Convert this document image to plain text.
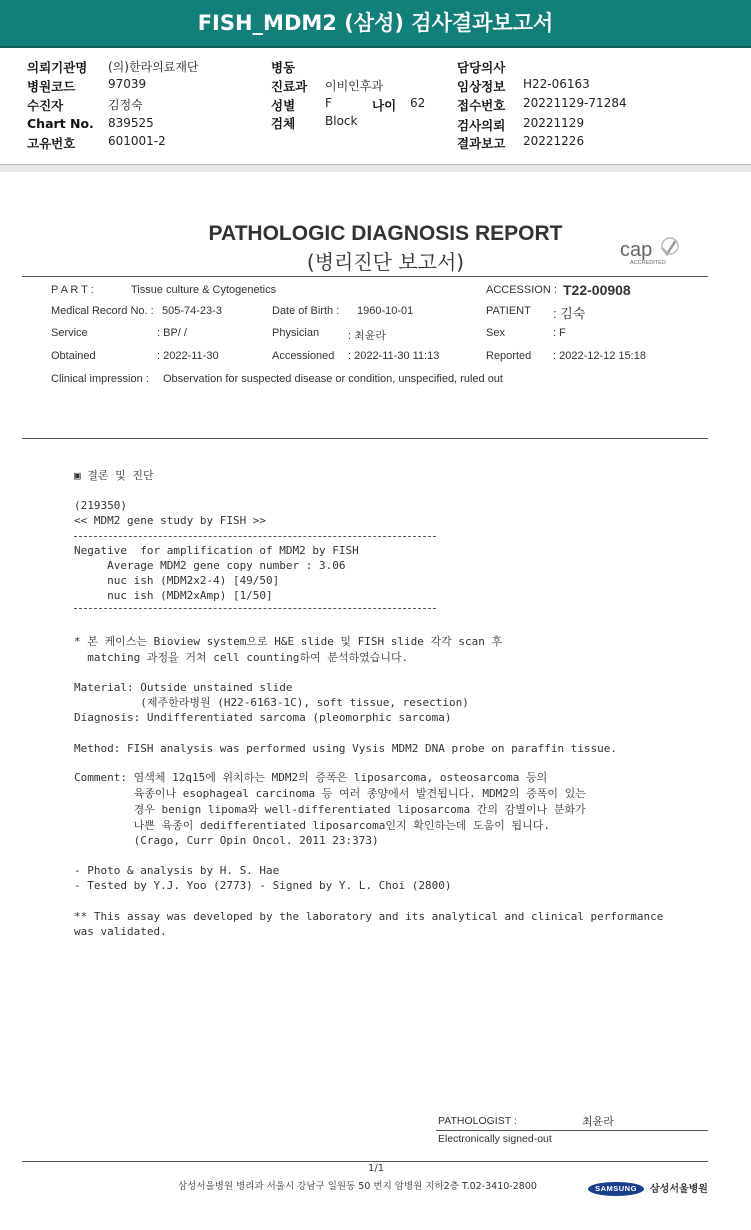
FISH_MDM2 (삼성) 검사결과보고서
의뢰기관명 (의)한라의료재단
병원코드	97039
수진자	김정숙
Chart No. 839525
고유번호	601001-2
병동
진료과 이비인후과
성별 F	나이 62
검체 Block
담당의사
임상정보 H22-06163
접수번호 20221129-71284
검사의뢰 20221129
결과보고 20221226
PATHOLOGIC DIAGNOSIS REPORT
(병리진단 보고서)	cap
ACCREDITED
P A R T :	Tissue culture & Cytogenetics	ACCESSION : T22-00908
Medical Record No. : 505-74-23-3	Date of Birth : 1960-10-01	PATIENT : 김숙
Service	: BP/ /	Physician	: 최윤라	Sex	: F
Obtained	: 2022-11-30	Accessioned : 2022-11-30 11:13	Reported : 2022-12-12 15:18
Clinical impression : Observation for suspected disease or condition, unspecified, ruled out
▣ 결론 및 진단
(219350)
<< MDM2 gene study by FISH >>
Negative  for amplification of MDM2 by FISH
Average MDM2 gene copy number : 3.06
nuc ish (MDM2x2-4) [49/50]
nuc ish (MDM2xAmp) [1/50]
* 본 케이스는 Bioview system으로 H&E slide 및 FISH slide 각각 scan 후
matching 과정을 거쳐 cell counting하여 분석하였습니다.
Material: Outside unstained slide
(제주한라병원 (H22-6163-1C), soft tissue, resection)
Diagnosis: Undifferentiated sarcoma (pleomorphic sarcoma)
Method: FISH analysis was performed using Vysis MDM2 DNA probe on paraffin tissue.
Comment: 염색체 12q15에 위치하는 MDM2의 증폭은 liposarcoma, osteosarcoma 등의
육종이나 esophageal carcinoma 등 여러 종양에서 발견됩니다. MDM2의 증폭이 있는
경우 benign lipoma와 well-differentiated liposarcoma 간의 감별이나 분화가
나쁜 육종이 dedifferentiated liposarcoma인지 확인하는데 도움이 됩니다.
(Crago, Curr Opin Oncol. 2011 23:373)
- Photo & analysis by H. S. Hae
- Tested by Y.J. Yoo (2773) - Signed by Y. L. Choi (2800)
** This assay was developed by the laboratory and its analytical and clinical performance
was validated.
PATHOLOGIST :	최윤라
Electronically signed-out
1/1
삼성서울병원 병리과 서울시 강남구 일원동 50 번지 암병원 지하2층 T.02-3410-2800	SAMSUNG	삼성서울병원
